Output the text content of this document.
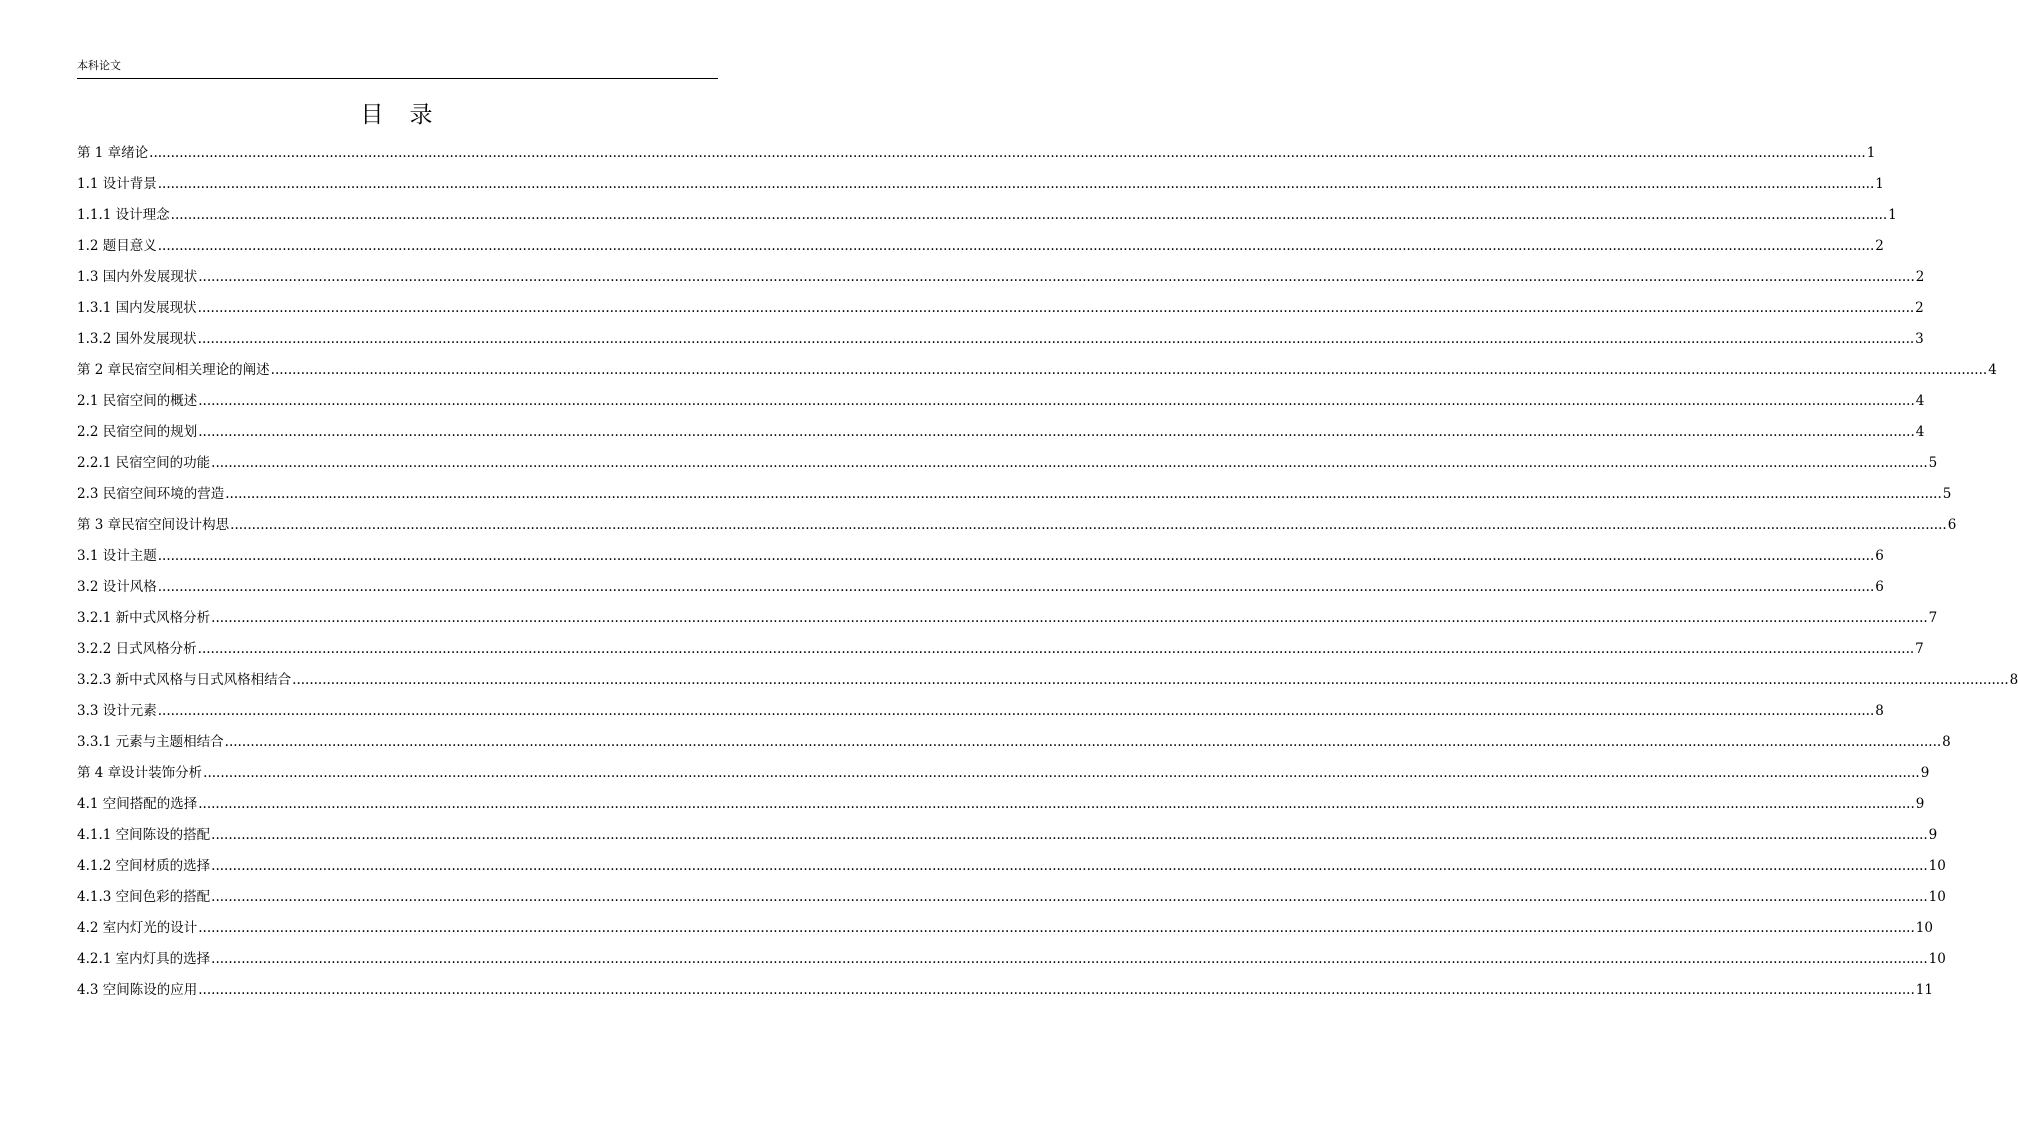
本科论文
目录
第 1 章绪论 ................................................................................................................................................................................................................................................................................................................................................................................................................ 1
1.1 设计背景 ................................................................................................................................................................................................................................................................................................................................................................................................................ 1
1.1.1 设计理念 ................................................................................................................................................................................................................................................................................................................................................................................................................ 1
1.2 题目意义 ................................................................................................................................................................................................................................................................................................................................................................................................................ 2
1.3 国内外发展现状 ................................................................................................................................................................................................................................................................................................................................................................................................................ 2
1.3.1 国内发展现状 ................................................................................................................................................................................................................................................................................................................................................................................................................ 2
1.3.2 国外发展现状 ................................................................................................................................................................................................................................................................................................................................................................................................................ 3
第 2 章民宿空间相关理论的阐述 ................................................................................................................................................................................................................................................................................................................................................................................................................ 4
2.1 民宿空间的概述 ................................................................................................................................................................................................................................................................................................................................................................................................................ 4
2.2 民宿空间的规划 ................................................................................................................................................................................................................................................................................................................................................................................................................ 4
2.2.1 民宿空间的功能 ................................................................................................................................................................................................................................................................................................................................................................................................................ 5
2.3 民宿空间环境的营造 ................................................................................................................................................................................................................................................................................................................................................................................................................ 5
第 3 章民宿空间设计构思 ................................................................................................................................................................................................................................................................................................................................................................................................................ 6
3.1 设计主题 ................................................................................................................................................................................................................................................................................................................................................................................................................ 6
3.2 设计风格 ................................................................................................................................................................................................................................................................................................................................................................................................................ 6
3.2.1 新中式风格分析 ................................................................................................................................................................................................................................................................................................................................................................................................................ 7
3.2.2 日式风格分析 ................................................................................................................................................................................................................................................................................................................................................................................................................ 7
3.2.3 新中式风格与日式风格相结合 ................................................................................................................................................................................................................................................................................................................................................................................................................ 8
3.3 设计元素 ................................................................................................................................................................................................................................................................................................................................................................................................................ 8
3.3.1 元素与主题相结合 ................................................................................................................................................................................................................................................................................................................................................................................................................ 8
第 4 章设计装饰分析 ................................................................................................................................................................................................................................................................................................................................................................................................................ 9
4.1 空间搭配的选择 ................................................................................................................................................................................................................................................................................................................................................................................................................ 9
4.1.1 空间陈设的搭配 ................................................................................................................................................................................................................................................................................................................................................................................................................ 9
4.1.2 空间材质的选择 ................................................................................................................................................................................................................................................................................................................................................................................................................ 10
4.1.3 空间色彩的搭配 ................................................................................................................................................................................................................................................................................................................................................................................................................ 10
4.2 室内灯光的设计 ................................................................................................................................................................................................................................................................................................................................................................................................................ 10
4.2.1 室内灯具的选择 ................................................................................................................................................................................................................................................................................................................................................................................................................ 10
4.3 空间陈设的应用 ................................................................................................................................................................................................................................................................................................................................................................................................................ 11
